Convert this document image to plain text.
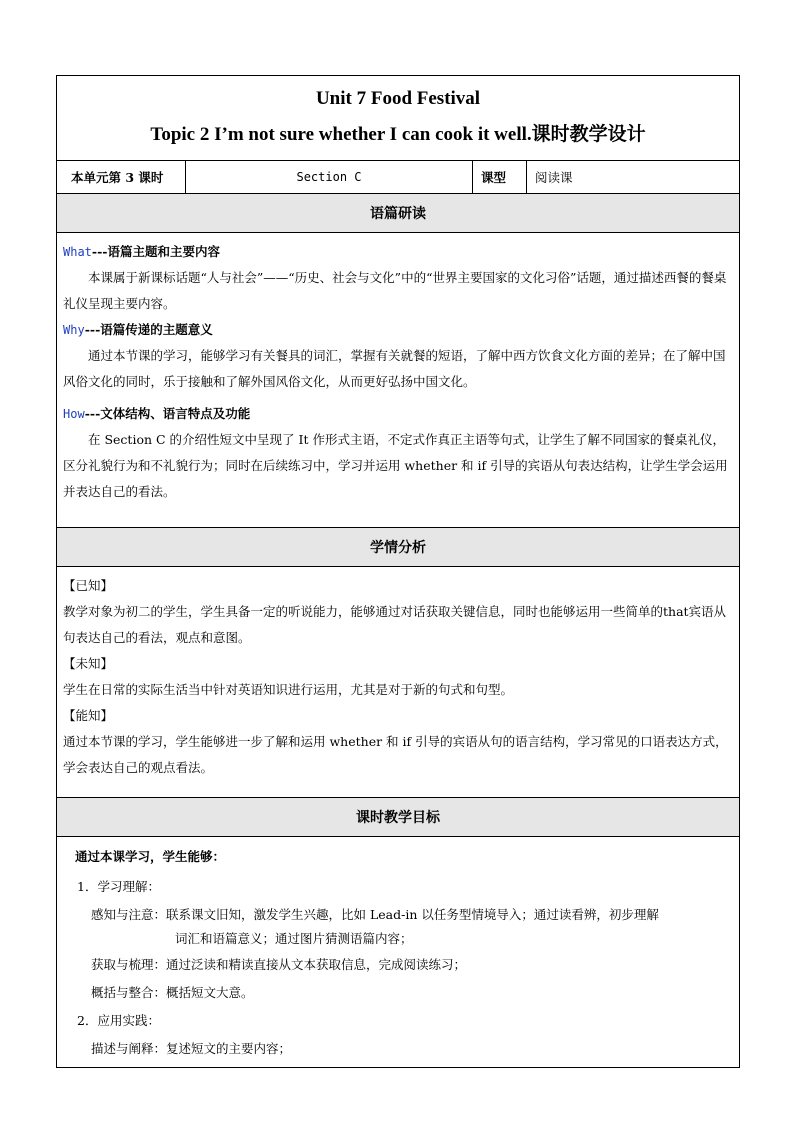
Unit 7 Food Festival
Topic 2 I’m not sure whether I can cook it well.课时教学设计

本单元第 3 课时	Section C	课型	阅读课
语篇研读

What---语篇主题和主要内容

本课属于新课标话题“人与社会”——“历史、社会与文化”中的“世界主要国家的文化习俗”话题，通过描述西餐的餐桌礼仪呈现主要内容。

Why---语篇传递的主题意义

通过本节课的学习，能够学习有关餐具的词汇，掌握有关就餐的短语，了解中西方饮食文化方面的差异；在了解中国风俗文化的同时，乐于接触和了解外国风俗文化，从而更好弘扬中国文化。

How---文体结构、语言特点及功能

在 Section C 的介绍性短文中呈现了 It 作形式主语，不定式作真正主语等句式，让学生了解不同国家的餐桌礼仪，区分礼貌行为和不礼貌行为；同时在后续练习中，学习并运用 whether 和 if 引导的宾语从句表达结构，让学生学会运用并表达自己的看法。

学情分析

【已知】

教学对象为初二的学生，学生具备一定的听说能力，能够通过对话获取关键信息，同时也能够运用一些简单的that宾语从句表达自己的看法，观点和意图。

【未知】

学生在日常的实际生活当中针对英语知识进行运用，尤其是对于新的句式和句型。

【能知】

通过本节课的学习，学生能够进一步了解和运用 whether 和 if 引导的宾语从句的语言结构，学习常见的口语表达方式，学会表达自己的观点看法。

课时教学目标

通过本课学习，学生能够：

1．学习理解：

感知与注意：联系课文旧知，激发学生兴趣，比如 Lead-in 以任务型情境导入；通过读看辨，初步理解

词汇和语篇意义；通过图片猜测语篇内容；

获取与梳理：通过泛读和精读直接从文本获取信息，完成阅读练习；

概括与整合：概括短文大意。

2．应用实践：

描述与阐释：复述短文的主要内容；
